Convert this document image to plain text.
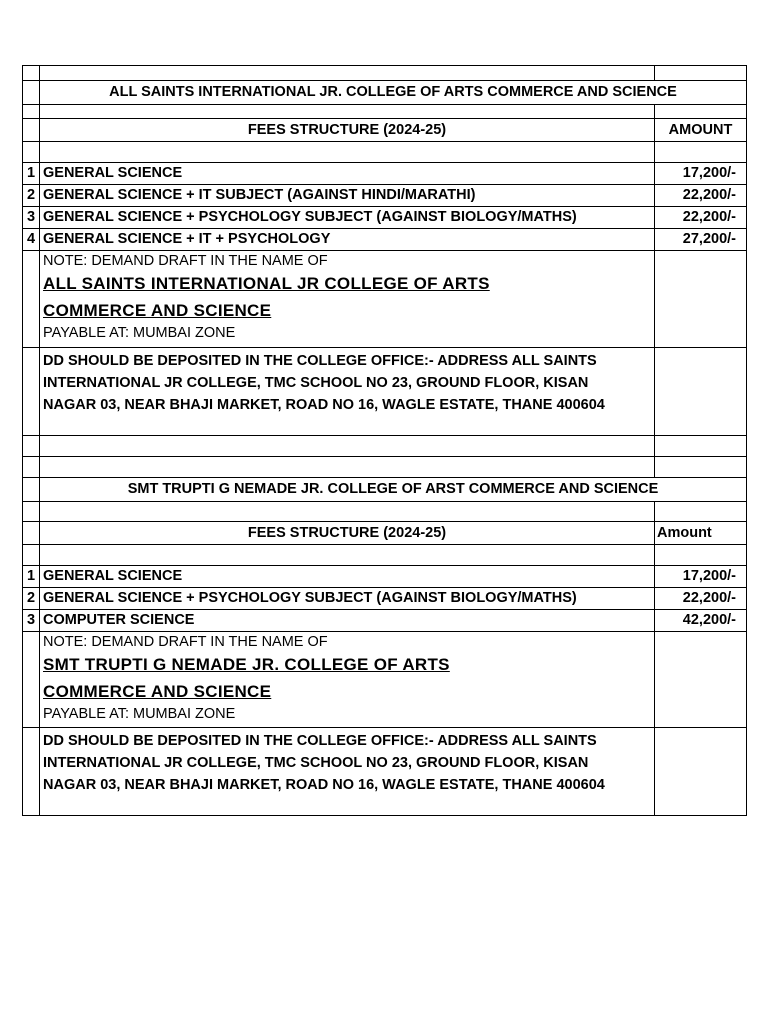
	ALL SAINTS INTERNATIONAL JR. COLLEGE OF ARTS COMMERCE AND SCIENCE	

	FEES STRUCTURE (2024-25)	AMOUNT

1	GENERAL SCIENCE	17,200/-
2	GENERAL SCIENCE + IT SUBJECT (AGAINST HINDI/MARATHI)	22,200/-
3	GENERAL SCIENCE + PSYCHOLOGY SUBJECT (AGAINST BIOLOGY/MATHS)	22,200/-
4	GENERAL SCIENCE + IT + PSYCHOLOGY	27,200/-

	NOTE: DEMAND DRAFT IN THE NAME OF
ALL SAINTS INTERNATIONAL JR COLLEGE OF ARTS
COMMERCE AND SCIENCE
PAYABLE AT: MUMBAI ZONE	

	DD SHOULD BE DEPOSITED IN THE COLLEGE OFFICE:- ADDRESS ALL SAINTS
INTERNATIONAL JR COLLEGE, TMC SCHOOL NO 23, GROUND FLOOR, KISAN
NAGAR 03, NEAR BHAJI MARKET, ROAD NO 16, WAGLE ESTATE, THANE 400604	

	SMT TRUPTI G NEMADE JR. COLLEGE OF ARST COMMERCE AND SCIENCE	

	FEES STRUCTURE (2024-25)	Amount

1	GENERAL SCIENCE	17,200/-
2	GENERAL SCIENCE + PSYCHOLOGY SUBJECT (AGAINST BIOLOGY/MATHS)	22,200/-
3	COMPUTER SCIENCE	42,200/-

	NOTE: DEMAND DRAFT IN THE NAME OF
SMT TRUPTI G NEMADE JR. COLLEGE OF ARTS
COMMERCE AND SCIENCE
PAYABLE AT: MUMBAI ZONE	

	DD SHOULD BE DEPOSITED IN THE COLLEGE OFFICE:- ADDRESS ALL SAINTS
INTERNATIONAL JR COLLEGE, TMC SCHOOL NO 23, GROUND FLOOR, KISAN
NAGAR 03, NEAR BHAJI MARKET, ROAD NO 16, WAGLE ESTATE, THANE 400604	
